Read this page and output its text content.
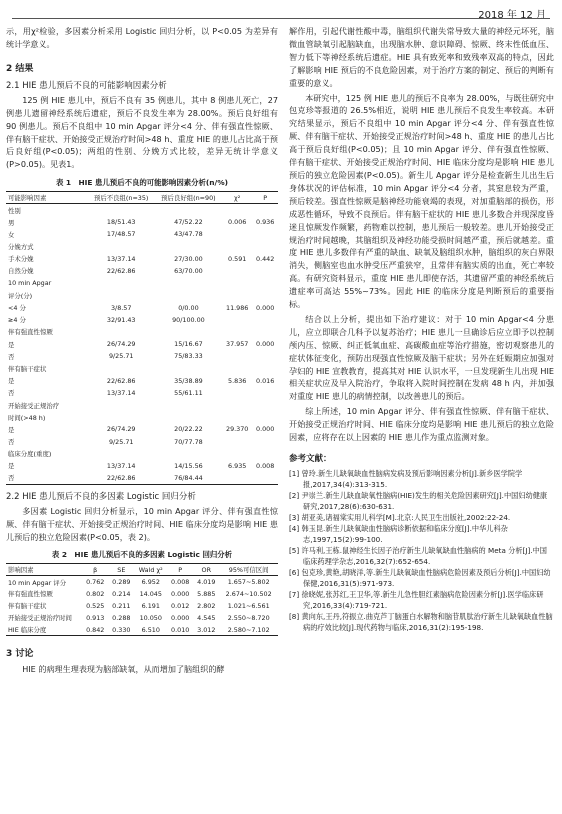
2018 年 12 月

示，用χ²检验，多因素分析采用 Logistic 回归分析，以 P<0.05 为差异有统计学意义。

2 结果
2.1 HIE 患儿预后不良的可能影响因素分析

125 例 HIE 患儿中，预后不良有 35 例患儿，其中 8 例患儿死亡，27 例患儿遗留神经系统后遗症，预后不良发生率为 28.00%。预后良好组有 90 例患儿。预后不良组中 10 min Apgar 评分<4 分、伴有强直性惊厥、伴有脑干症状、开始接受正规治疗时间>48 h、重度 HIE 的患儿占比高于预后良好组(P<0.05)；两组的性别、分娩方式比较，差异无统计学意义(P>0.05)。见表1。

表 1　HIE 患儿预后不良的可能影响因素分析(n/%)
可能影响因素	预后不良组(n=35)	预后良好组(n=90)	χ²	P
性别				
男	18/51.43	47/52.22	0.006	0.936
女	17/48.57	43/47.78		
分娩方式				
手术分娩	13/37.14	27/30.00	0.591	0.442
自然分娩	22/62.86	63/70.00		
10 min Apgar				
评分(分)				
<4 分	3/8.57	0/0.00	11.986	0.000
≥4 分	32/91.43	90/100.00		
伴有强直性惊厥				
是	26/74.29	15/16.67	37.957	0.000
否	9/25.71	75/83.33		
伴有脑干症状				
是	22/62.86	35/38.89	5.836	0.016
否	13/37.14	55/61.11		
开始接受正规治疗				
时间(>48 h)				
是	26/74.29	20/22.22	29.370	0.000
否	9/25.71	70/77.78		
临床分度(重度)				
是	13/37.14	14/15.56	6.935	0.008
否	22/62.86	76/84.44		
2.2 HIE 患儿预后不良的多因素 Logistic 回归分析

多因素 Logistic 回归分析显示，10 min Apgar 评分、伴有强直性惊厥、伴有脑干症状、开始接受正规治疗时间、HIE 临床分度均是影响 HIE 患儿预后的独立危险因素(P<0.05，表 2)。

表 2　HIE 患儿预后不良的多因素 Logistic 回归分析
影响因素	β	SE	Wald χ²	P	OR	95%可信区间
10 min Apgar 评分	0.762	0.289	6.952	0.008	4.019	1.657~5.802
伴有强直性惊厥	0.802	0.214	14.045	0.000	5.885	2.674~10.502
伴有脑干症状	0.525	0.211	6.191	0.012	2.802	1.021~6.561
开始接受正规治疗时间	0.913	0.288	10.050	0.000	4.545	2.550~8.720
HIE 临床分度	0.842	0.330	6.510	0.010	3.012	2.580~7.102
3 讨论

HIE 的病理生理表现为脑部缺氧，从而增加了脑组织的酵

解作用，引起代谢性酸中毒，脑组织代谢失常导致大量的神经元坏死，脑微血管缺氧引起脑缺血，出现脑水肿、意识障碍、惊厥、终末性低血压、智力低下等神经系统后遗症。HIE 具有致死率和致残率双高的特点，因此了解影响 HIE 预后的不良危险因素，对于治疗方案的制定、预后的判断有重要的意义。

本研究中，125 例 HIE 患儿的预后不良率为 28.00%，与既往研究中包克珍等报道的 26.5%相近，说明 HIE 患儿预后不良发生率较高。本研究结果显示，预后不良组中 10 min Apgar 评分<4 分、伴有强直性惊厥、伴有脑干症状、开始接受正规治疗时间>48 h、重度 HIE 的患儿占比高于预后良好组(P<0.05)；且 10 min Apgar 评分、伴有强直性惊厥、伴有脑干症状、开始接受正规治疗时间、HIE 临床分度均是影响 HIE 患儿预后的独立危险因素(P<0.05)。新生儿 Apgar 评分是检查新生儿出生后身体状况的评估标准，10 min Apgar 评分<4 分者，其窒息较为严重，预后较差。强直性惊厥是脑神经功能衰竭的表现，对加重脑部的损伤，形成恶性循环，导致不良预后。伴有脑干症状的 HIE 患儿多数合并现深度昏迷且惊厥发作频繁，药物难以控制，患儿预后一般较差。患儿开始接受正规治疗时间越晚，其脑组织及神经功能受损时间越严重，预后就越差。重度 HIE 患儿多数伴有严重的缺血、缺氧及脑组织水肿，脑组织的灰白界限消失，侧脑室也血水肿受压严重狭窄，且常伴有脑实质的出血，死亡率较高。有研究资料显示，重度 HIE 患儿即使存活，其遗留严重的神经系统后遗症率可高达 55%~73%。因此 HIE 的临床分度是判断预后的重要指标。

结合以上分析，提出如下治疗建议：对于 10 min Apgar<4 分患儿，应立即联合几科予以复苏治疗；HIE 患儿一旦确诊后应立即予以控制颅内压、惊厥、纠正低氧血症、高碳酸血症等治疗措施，密切观察患儿的症状体征变化，预防出现强直性惊厥及脑干症状；另外在妊娠期应加强对孕妇的 HIE 宣教教育，提高其对 HIE 认识水平，一旦发现新生儿出现 HIE 相关症状应及早入院治疗，争取将入院时间控制在发病 48 h 内，并加强对重度 HIE 患儿的病情控制，以改善患儿的预后。

综上所述，10 min Apgar 评分、伴有强直性惊厥、伴有脑干症状、开始接受正规治疗时间、HIE 临床分度均是影响 HIE 患儿预后的独立危险因素，应将存在以上因素的 HIE 患儿作为重点监测对象。

参考文献：
[1] 曾玲.新生儿缺氧缺血性脑病发病及预后影响因素分析[J].新乡医学院学报,2017,34(4):313-315.
[2] 尹崇兰.新生儿缺血缺氧性脑病(HIE)发生的相关危险因素研究[J].中国妇幼健康研究,2017,28(6):630-631.
[3] 胡亚美,诸福棠实用儿科学[M].北京:人民卫生出版社,2002:22-24.
[4] 韩玉昆.新生儿缺氧缺血性脑病诊断依据和临床分度[J].中华儿科杂志,1997,15(2):99-100.
[5] 许马利,王栋.鼠神经生长因子治疗新生儿缺氧缺血性脑病的 Meta 分析[J].中国临床药理学杂志,2016,32(7):652-654.
[6] 包克珍,黄艳,胡晓洋,等.新生儿缺氧缺血性脑病危险因素及预后分析[J].中国妇幼保健,2016,31(5):971-973.
[7] 徐晓妮,张苏红,王卫华,等.新生儿急性胆红素脑病危险因素分析[J].医学临床研究,2016,33(4):719-721.
[8] 黄向东,王丹,符振立.曲克芦丁脑蛋白水解物和脑苷肌肽治疗新生儿缺氧缺血性脑病的疗效比较[J].现代药物与临床,2016,31(2):195-198.
